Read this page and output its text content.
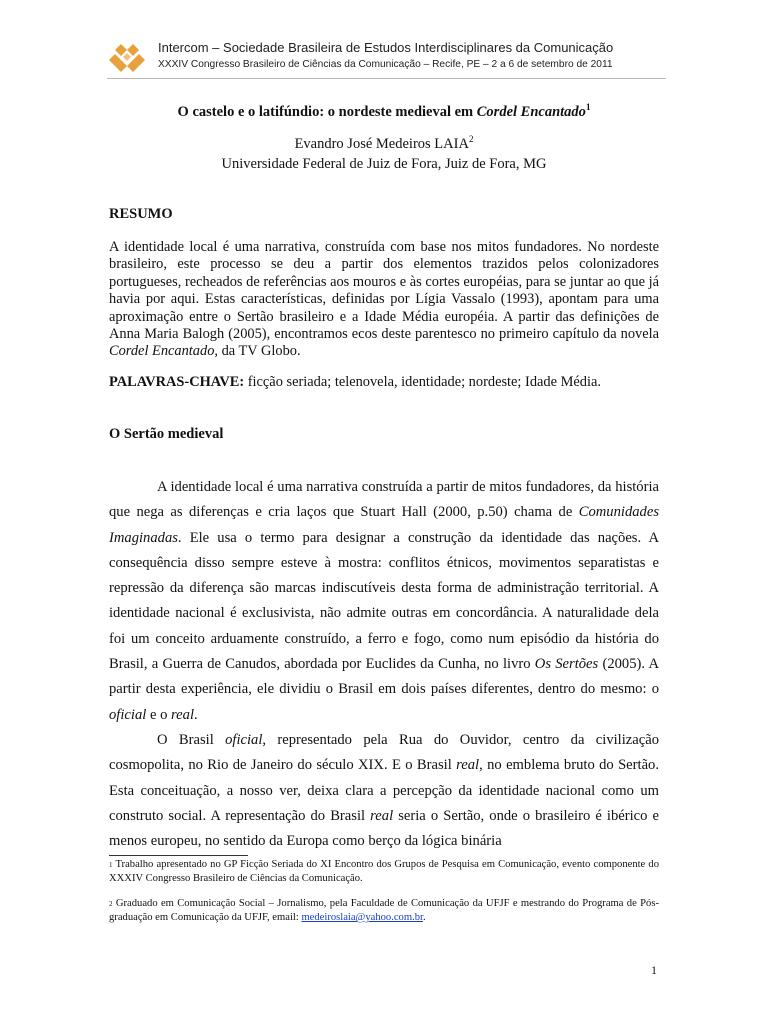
Intercom – Sociedade Brasileira de Estudos Interdisciplinares da Comunicação
XXXIV Congresso Brasileiro de Ciências da Comunicação – Recife, PE – 2 a 6 de setembro de 2011
O castelo e o latifúndio: o nordeste medieval em Cordel Encantado$^1$
Evandro José Medeiros LAIA$^2$
Universidade Federal de Juiz de Fora, Juiz de Fora, MG
RESUMO

A identidade local é uma narrativa, construída com base nos mitos fundadores. No nordeste brasileiro, este processo se deu a partir dos elementos trazidos pelos colonizadores portugueses, recheados de referências aos mouros e às cortes européias, para se juntar ao que já havia por aqui. Estas características, definidas por Lígia Vassalo (1993), apontam para uma aproximação entre o Sertão brasileiro e a Idade Média européia. A partir das definições de Anna Maria Balogh (2005), encontramos ecos deste parentesco no primeiro capítulo da novela Cordel Encantado, da TV Globo.

PALAVRAS-CHAVE: ficção seriada; telenovela, identidade; nordeste; Idade Média.

O Sertão medieval

A identidade local é uma narrativa construída a partir de mitos fundadores, da história que nega as diferenças e cria laços que Stuart Hall (2000, p.50) chama de Comunidades Imaginadas. Ele usa o termo para designar a construção da identidade das nações. A consequência disso sempre esteve à mostra: conflitos étnicos, movimentos separatistas e repressão da diferença são marcas indiscutíveis desta forma de administração territorial. A identidade nacional é exclusivista, não admite outras em concordância. A naturalidade dela foi um conceito arduamente construído, a ferro e fogo, como num episódio da história do Brasil, a Guerra de Canudos, abordada por Euclides da Cunha, no livro Os Sertões (2005). A partir desta experiência, ele dividiu o Brasil em dois países diferentes, dentro do mesmo: o oficial e o real.

O Brasil oficial, representado pela Rua do Ouvidor, centro da civilização cosmopolita, no Rio de Janeiro do século XIX. E o Brasil real, no emblema bruto do Sertão. Esta conceituação, a nosso ver, deixa clara a percepção da identidade nacional como um construto social. A representação do Brasil real seria o Sertão, onde o brasileiro é ibérico e menos europeu, no sentido da Europa como berço da lógica binária

$^1$ Trabalho apresentado no GP Ficção Seriada do XI Encontro dos Grupos de Pesquisa em Comunicação, evento componente do XXXIV Congresso Brasileiro de Ciências da Comunicação.

$^2$ Graduado em Comunicação Social – Jornalismo, pela Faculdade de Comunicação da UFJF e mestrando do Programa de Pós-graduação em Comunicação da UFJF, email: medeiroslaia@yahoo.com.br.

1
